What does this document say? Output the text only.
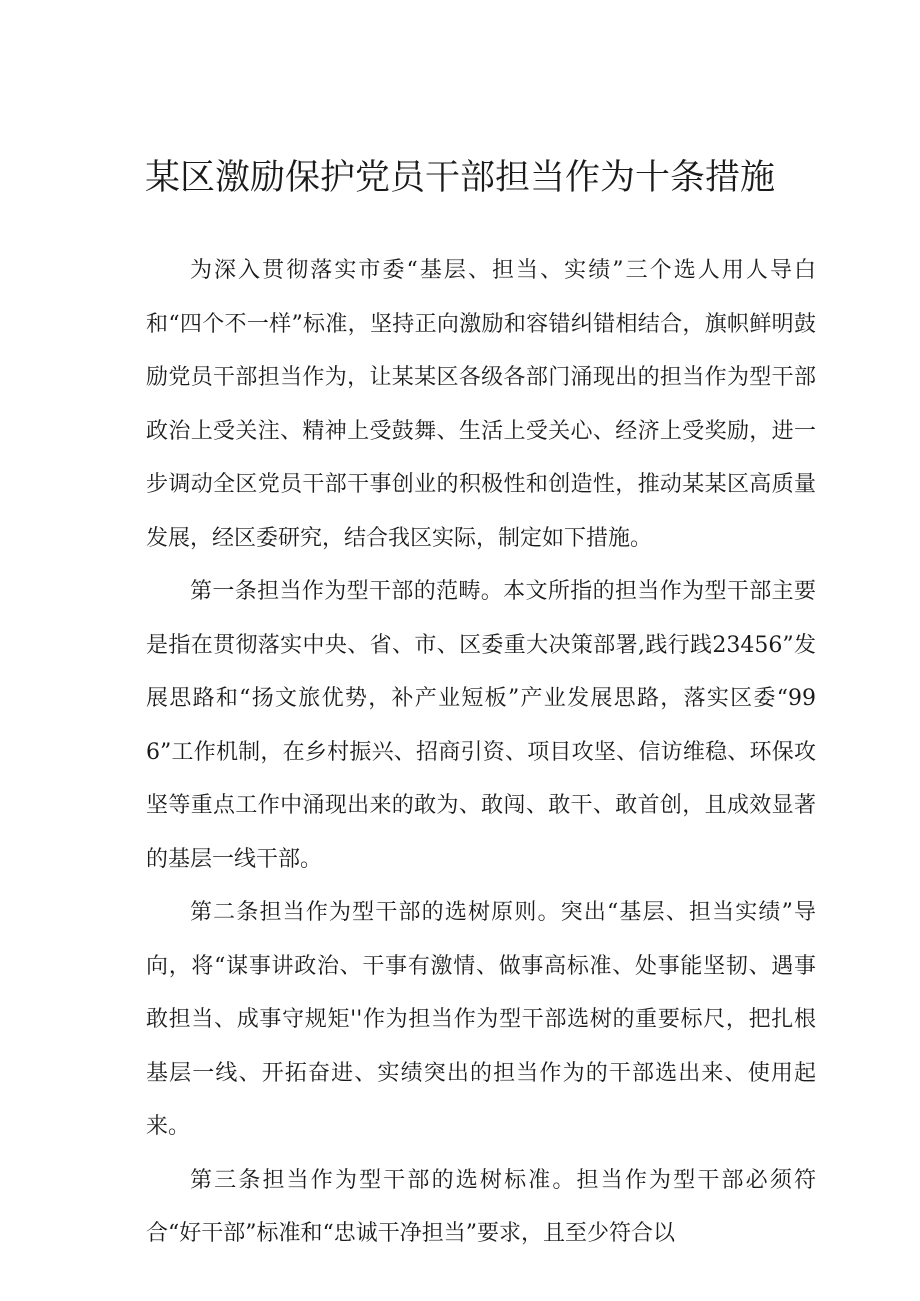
某区激励保护党员干部担当作为十条措施

为深入贯彻落实市委“基层、担当、实绩”三个选人用人导白和“四个不一样”标准，坚持正向激励和容错纠错相结合，旗帜鲜明鼓励党员干部担当作为，让某某区各级各部门涌现出的担当作为型干部政治上受关注、精神上受鼓舞、生活上受关心、经济上受奖励，进一步调动全区党员干部干事创业的积极性和创造性，推动某某区高质量发展，经区委研究，结合我区实际，制定如下措施。

第一条担当作为型干部的范畴。本文所指的担当作为型干部主要是指在贯彻落实中央、省、市、区委重大决策部署,践行践23456”发展思路和“扬文旅优势，补产业短板”产业发展思路，落实区委“996”工作机制，在乡村振兴、招商引资、项目攻坚、信访维稳、环保攻坚等重点工作中涌现出来的敢为、敢闯、敢干、敢首创，且成效显著的基层一线干部。

第二条担当作为型干部的选树原则。突出“基层、担当实绩”导向，将“谋事讲政治、干事有激情、做事高标准、处事能坚韧、遇事敢担当、成事守规矩''作为担当作为型干部选树的重要标尺，把扎根基层一线、开拓奋进、实绩突出的担当作为的干部选出来、使用起来。

第三条担当作为型干部的选树标准。担当作为型干部必须符合“好干部”标准和“忠诚干净担当”要求，且至少符合以
